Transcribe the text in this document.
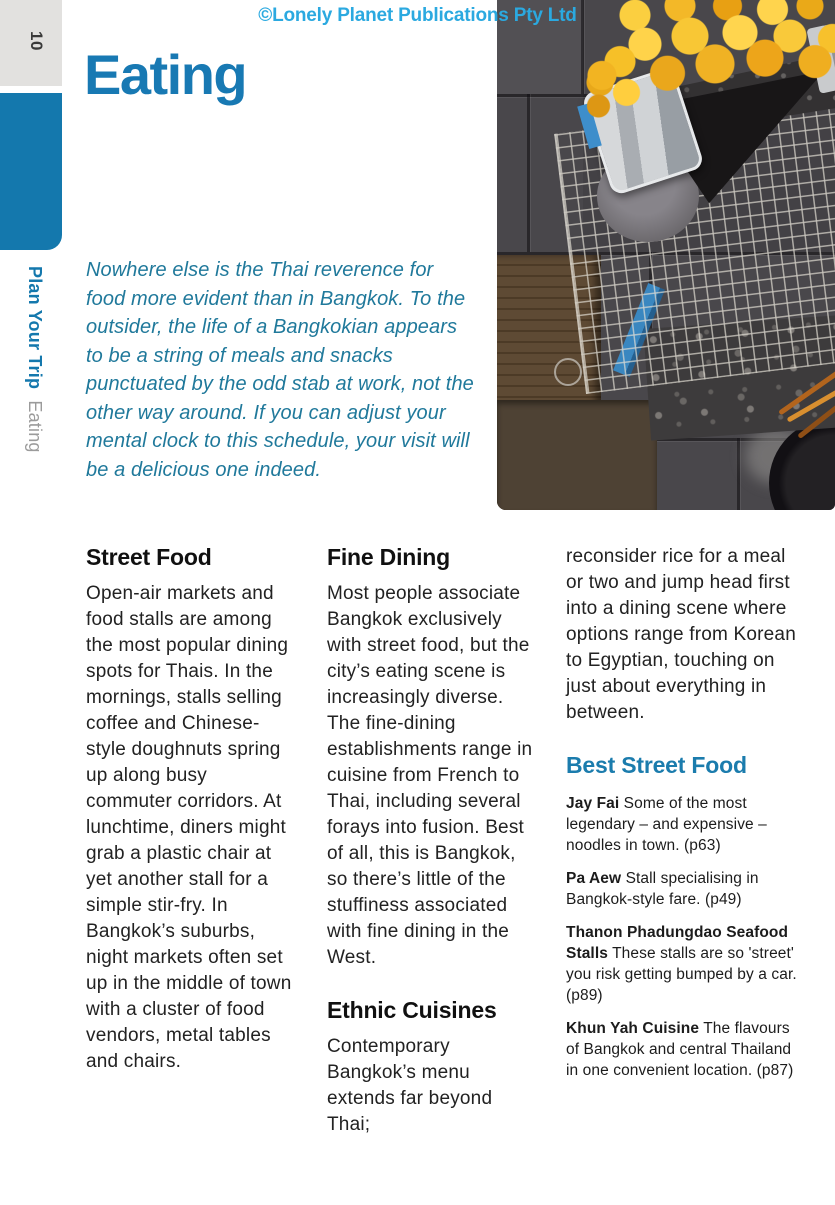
©Lonely Planet Publications Pty Ltd
10
Plan Your Trip Eating
Eating

Nowhere else is the Thai reverence for food more evident than in Bangkok. To the outsider, the life of a Bangkokian appears to be a string of meals and snacks punctuated by the odd stab at work, not the other way around. If you can adjust your mental clock to this schedule, your visit will be a delicious one indeed.

Street Food

Open-air markets and food stalls are among the most popular dining spots for Thais. In the mornings, stalls selling coffee and Chinese-style doughnuts spring up along busy commuter corridors. At lunchtime, diners might grab a plastic chair at yet another stall for a simple stir-fry. In Bangkok’s suburbs, night markets often set up in the middle of town with a cluster of food vendors, metal tables and chairs.

Fine Dining

Most people associate Bangkok exclusively with street food, but the city’s eating scene is increasingly diverse. The fine-dining establishments range in cuisine from French to Thai, including several forays into fusion. Best of all, this is Bangkok, so there’s little of the stuffiness associated with fine dining in the West.

Ethnic Cuisines

Contemporary Bangkok’s menu extends far beyond Thai;

reconsider rice for a meal or two and jump head first into a dining scene where options range from Korean to Egyptian, touching on just about everything in between.

Best Street Food

Jay Fai Some of the most legendary – and expensive – noodles in town. (p63)

Pa Aew Stall specialising in Bangkok-style fare. (p49)

Thanon Phadungdao Seafood Stalls These stalls are so 'street' you risk getting bumped by a car. (p89)

Khun Yah Cuisine The flavours of Bangkok and central Thailand in one convenient location. (p87)
